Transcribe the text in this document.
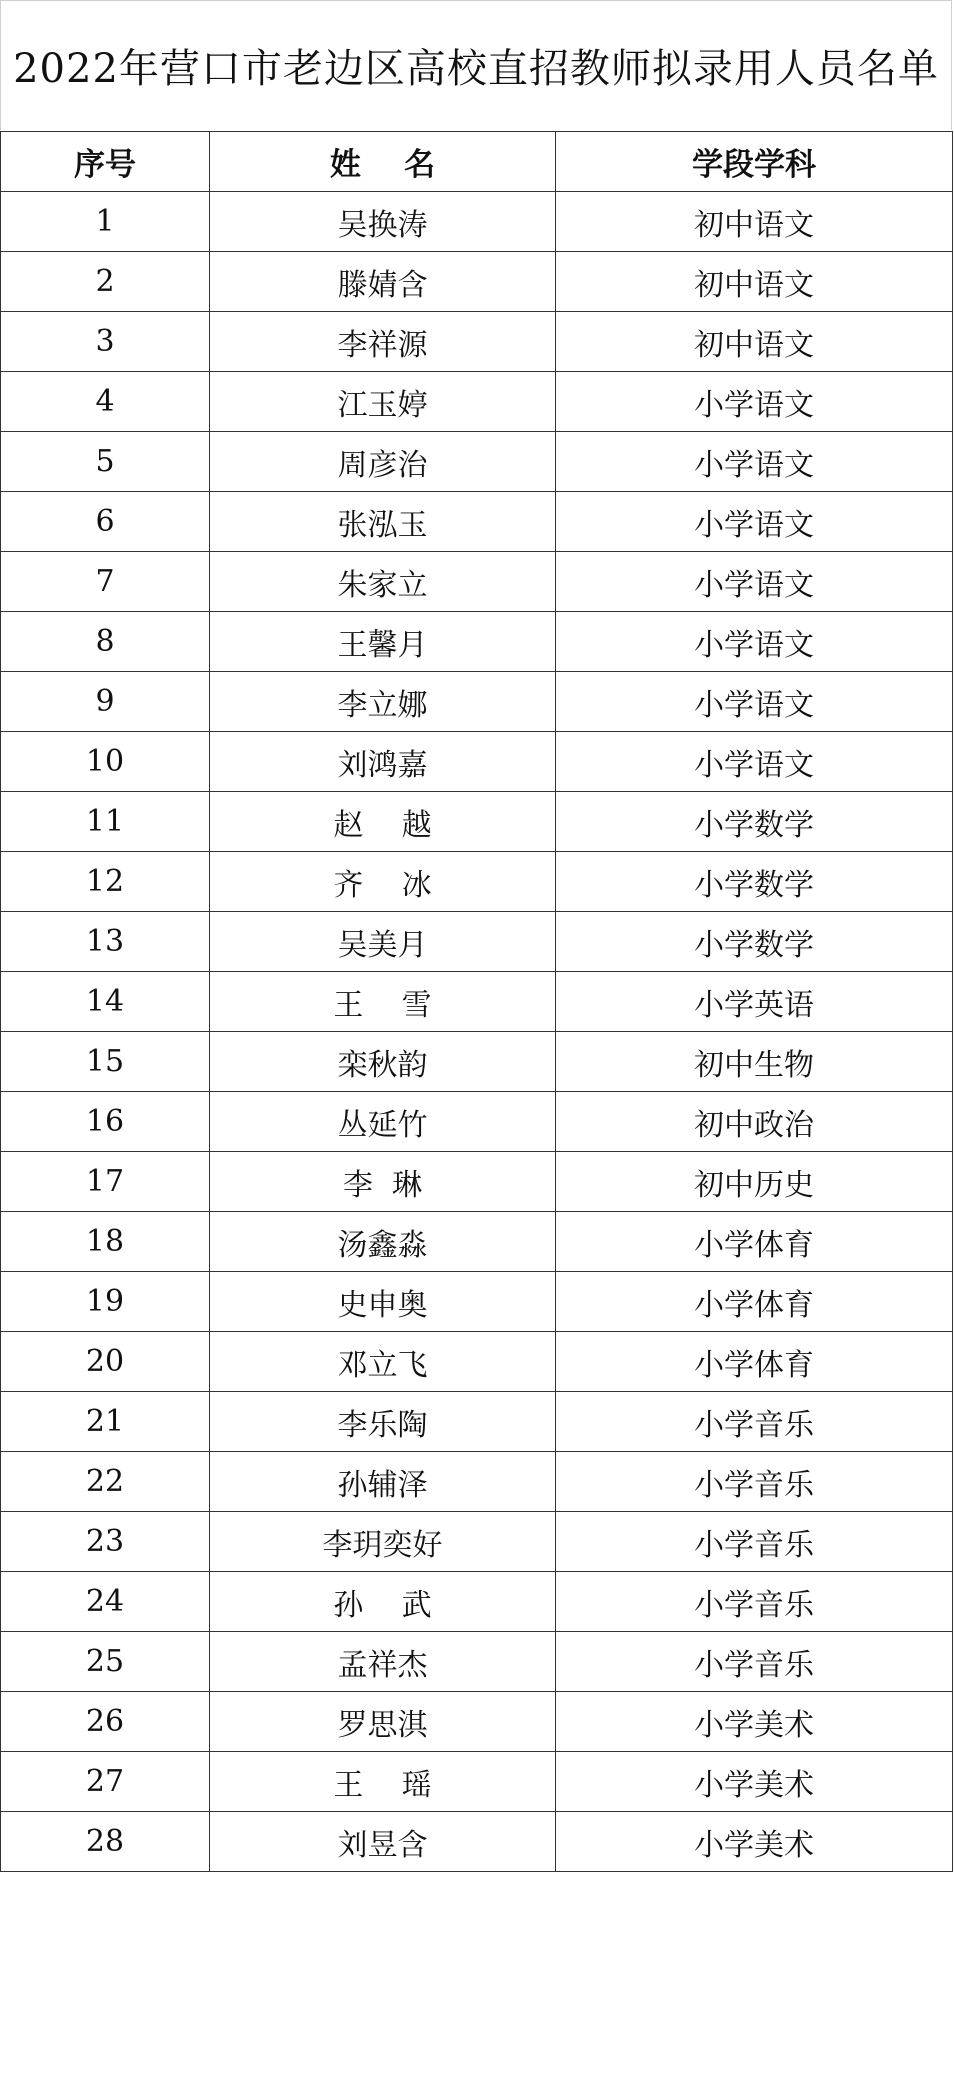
2022年营口市老边区高校直招教师拟录用人员名单
序号	姓    名	学段学科
1	吴换涛	初中语文
2	滕婧含	初中语文
3	李祥源	初中语文
4	江玉婷	小学语文
5	周彦治	小学语文
6	张泓玉	小学语文
7	朱家立	小学语文
8	王馨月	小学语文
9	李立娜	小学语文
10	刘鸿嘉	小学语文
11	赵    越	小学数学
12	齐    冰	小学数学
13	吴美月	小学数学
14	王    雪	小学英语
15	栾秋韵	初中生物
16	丛延竹	初中政治
17	李  琳	初中历史
18	汤鑫淼	小学体育
19	史申奥	小学体育
20	邓立飞	小学体育
21	李乐陶	小学音乐
22	孙辅泽	小学音乐
23	李玥奕好	小学音乐
24	孙    武	小学音乐
25	孟祥杰	小学音乐
26	罗思淇	小学美术
27	王    瑶	小学美术
28	刘昱含	小学美术
